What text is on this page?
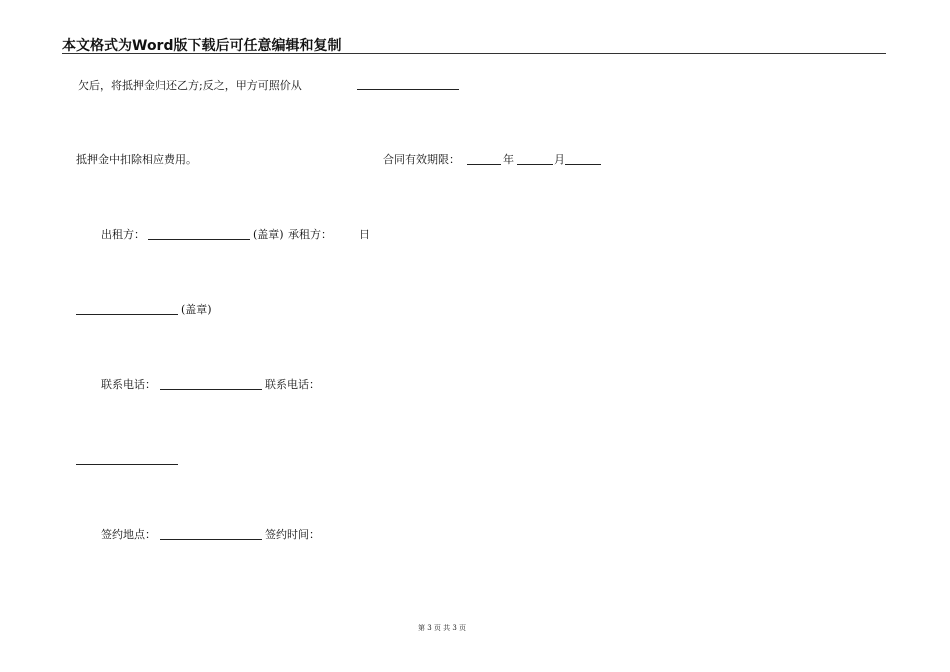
本文格式为Word版下载后可任意编辑和复制
欠后，将抵押金归还乙方;反之，甲方可照价从
抵押金中扣除相应费用。	合同有效期限：	年	月
出租方：	(盖章) 承租方： 日
(盖章)
联系电话：	联系电话：
签约地点：	签约时间：
第 3 页 共 3 页
